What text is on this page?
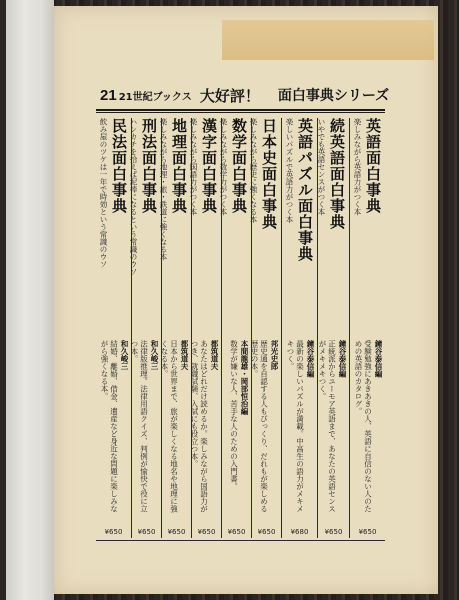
21 21世紀ブックス 大好評！ 面白事典シリーズ
英語面白事典
楽しみながら英語力がつく本
鐘谷泰信編
受験勉強にあきあきの人、英語に自信のない人のための英語のカタログ。
¥650
続英語面白事典
いやでも英語センスがつく本
鐘谷泰信編
正統派からユーモア英語まで、あなたの英語センスがメキメキつく。
¥650
英語パズル面白事典
楽しいパズルで英語力がつく本
鐘谷泰信編
最新の楽しいパズルが満載。中高生の語力がメキメキつく。
¥680
日本史面白事典
楽しみながら歴史に強くなる本
邦光史郎
歴史通を自認する人もびっくり、だれもが楽しめる歴史の本。
¥650
数学面白事典
楽しみながら数学力がつく本
本間龍雄・岡部恒治編
数学が嫌いな人、苦手な人のための入門書。
¥650
漢字面白事典
楽しみながら国語力がつく本
都筑道夫
あなたはどれだけ読めるか。楽しみながら国語力がつき、就職試験、入試にも役立つ本。
¥650
地理面白事典
楽しみながら地理・旅・鉄道に強くなる本
都筑道夫
日本から世界まで、旅が楽しくなる地名や地理に強くなる本。
¥650
刑法面白事典
ハンカチを拾えば泥棒になるという常識のウソ
和久峻三
法律版推理。法律用語クイズ、判例が愉快で役に立つ本。
¥650
民法面白事典
飲み屋のツケは一年で時効という常識のウソ
和久峻三
結婚、離婚、借金、遺産など身近な問題に楽しみながら強くなる本。
¥650
